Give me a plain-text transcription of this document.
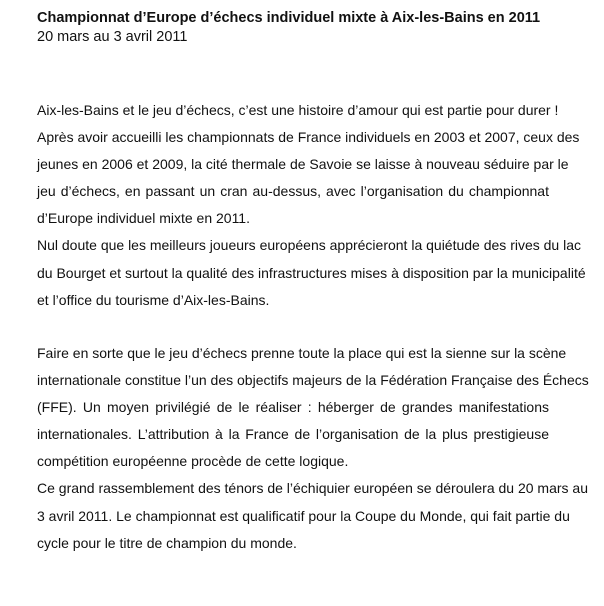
Championnat d’Europe d’échecs individuel mixte à Aix-les-Bains en 2011
20 mars au 3 avril 2011
Aix-les-Bains et le jeu d’échecs, c’est une histoire d’amour qui est partie pour durer !
Après avoir accueilli les championnats de France individuels en 2003 et 2007, ceux des
jeunes en 2006 et 2009, la cité thermale de Savoie se laisse à nouveau séduire par le
jeu d’échecs, en passant un cran au-dessus, avec l’organisation du championnat
d’Europe individuel mixte en 2011.
Nul doute que les meilleurs joueurs européens apprécieront la quiétude des rives du lac
du Bourget et surtout la qualité des infrastructures mises à disposition par la municipalité
et l’office du tourisme d’Aix-les-Bains.
Faire en sorte que le jeu d’échecs prenne toute la place qui est la sienne sur la scène
internationale constitue l’un des objectifs majeurs de la Fédération Française des Échecs
(FFE). Un moyen privilégié de le réaliser : héberger de grandes manifestations
internationales. L’attribution à la France de l’organisation de la plus prestigieuse
compétition européenne procède de cette logique.
Ce grand rassemblement des ténors de l’échiquier européen se déroulera du 20 mars au
3 avril 2011. Le championnat est qualificatif pour la Coupe du Monde, qui fait partie du
cycle pour le titre de champion du monde.
